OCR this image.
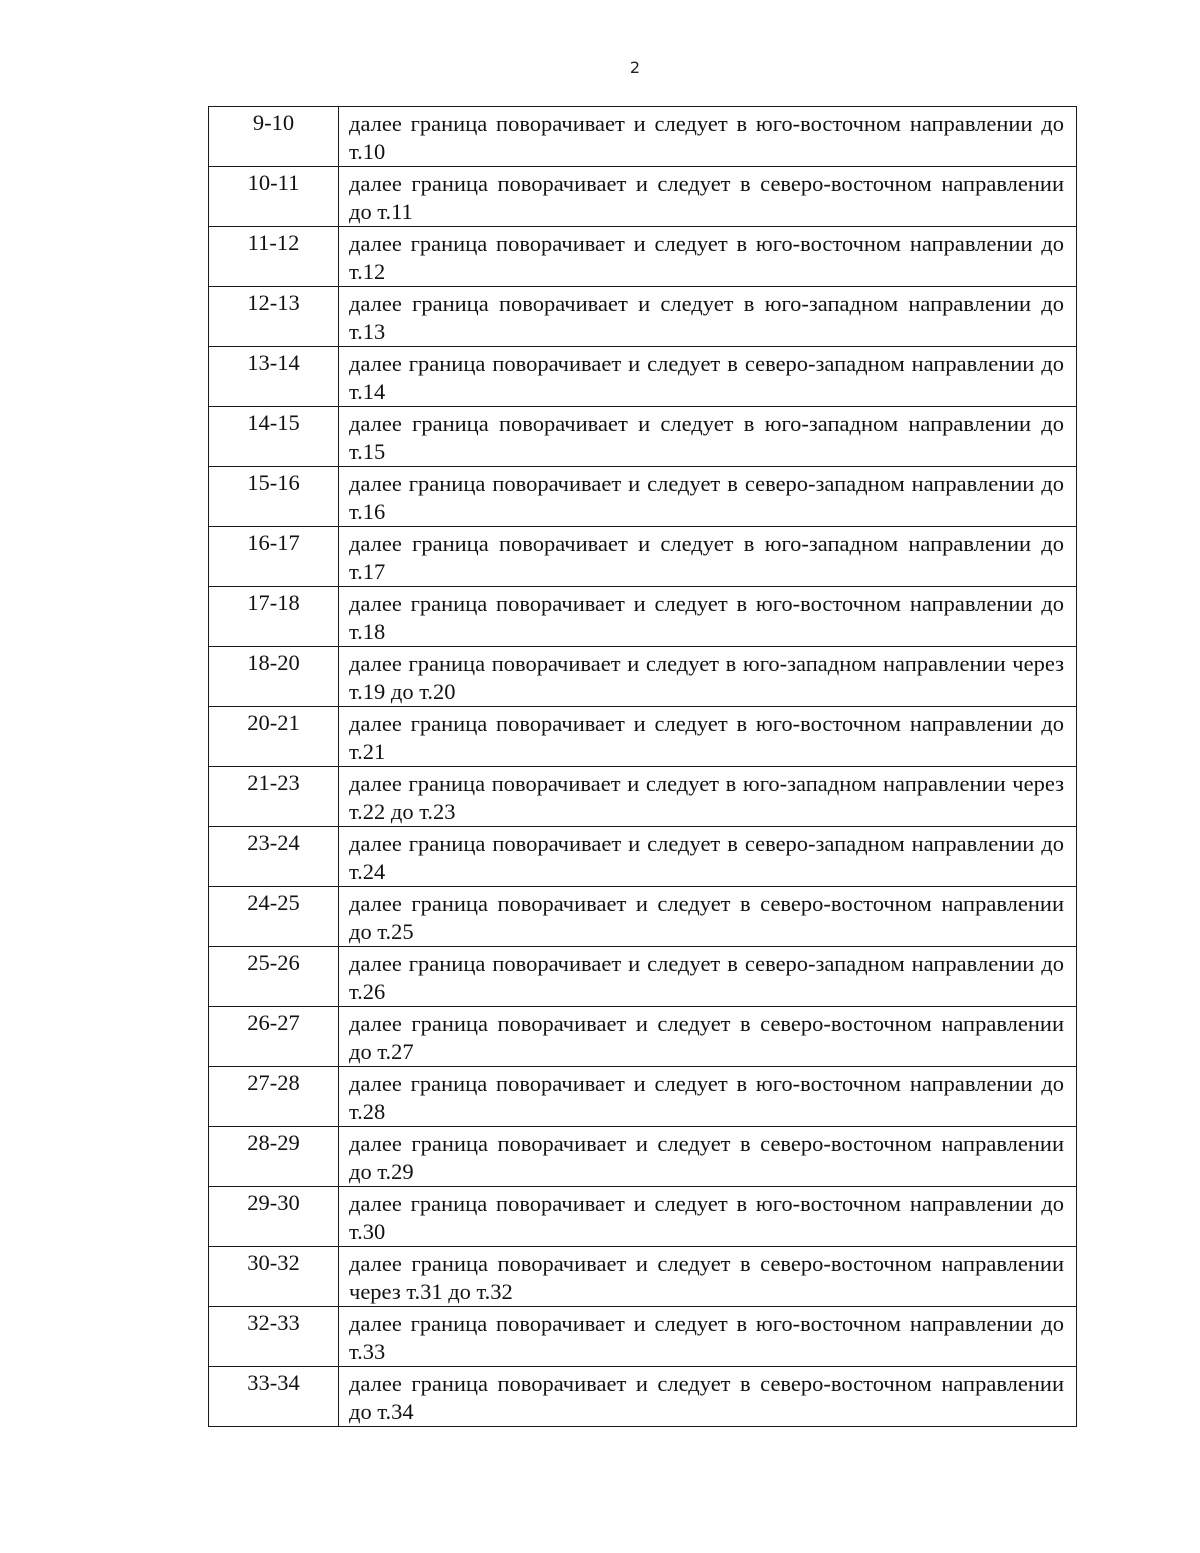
2
9-10	далее граница поворачивает и следует в юго-восточном направлении до т.10
10-11	далее граница поворачивает и следует в северо-восточном направлении до т.11
11-12	далее граница поворачивает и следует в юго-восточном направлении до т.12
12-13	далее граница поворачивает и следует в юго-западном направлении до т.13
13-14	далее граница поворачивает и следует в северо-западном направлении до т.14
14-15	далее граница поворачивает и следует в юго-западном направлении до т.15
15-16	далее граница поворачивает и следует в северо-западном направлении до т.16
16-17	далее граница поворачивает и следует в юго-западном направлении до т.17
17-18	далее граница поворачивает и следует в юго-восточном направлении до т.18
18-20	далее граница поворачивает и следует в юго-западном направлении через т.19 до т.20
20-21	далее граница поворачивает и следует в юго-восточном направлении до т.21
21-23	далее граница поворачивает и следует в юго-западном направлении через т.22 до т.23
23-24	далее граница поворачивает и следует в северо-западном направлении до т.24
24-25	далее граница поворачивает и следует в северо-восточном направлении до т.25
25-26	далее граница поворачивает и следует в северо-западном направлении до т.26
26-27	далее граница поворачивает и следует в северо-восточном направлении до т.27
27-28	далее граница поворачивает и следует в юго-восточном направлении до т.28
28-29	далее граница поворачивает и следует в северо-восточном направлении до т.29
29-30	далее граница поворачивает и следует в юго-восточном направлении до т.30
30-32	далее граница поворачивает и следует в северо-восточном направлении через т.31 до т.32
32-33	далее граница поворачивает и следует в юго-восточном направлении до т.33
33-34	далее граница поворачивает и следует в северо-восточном направлении до т.34
